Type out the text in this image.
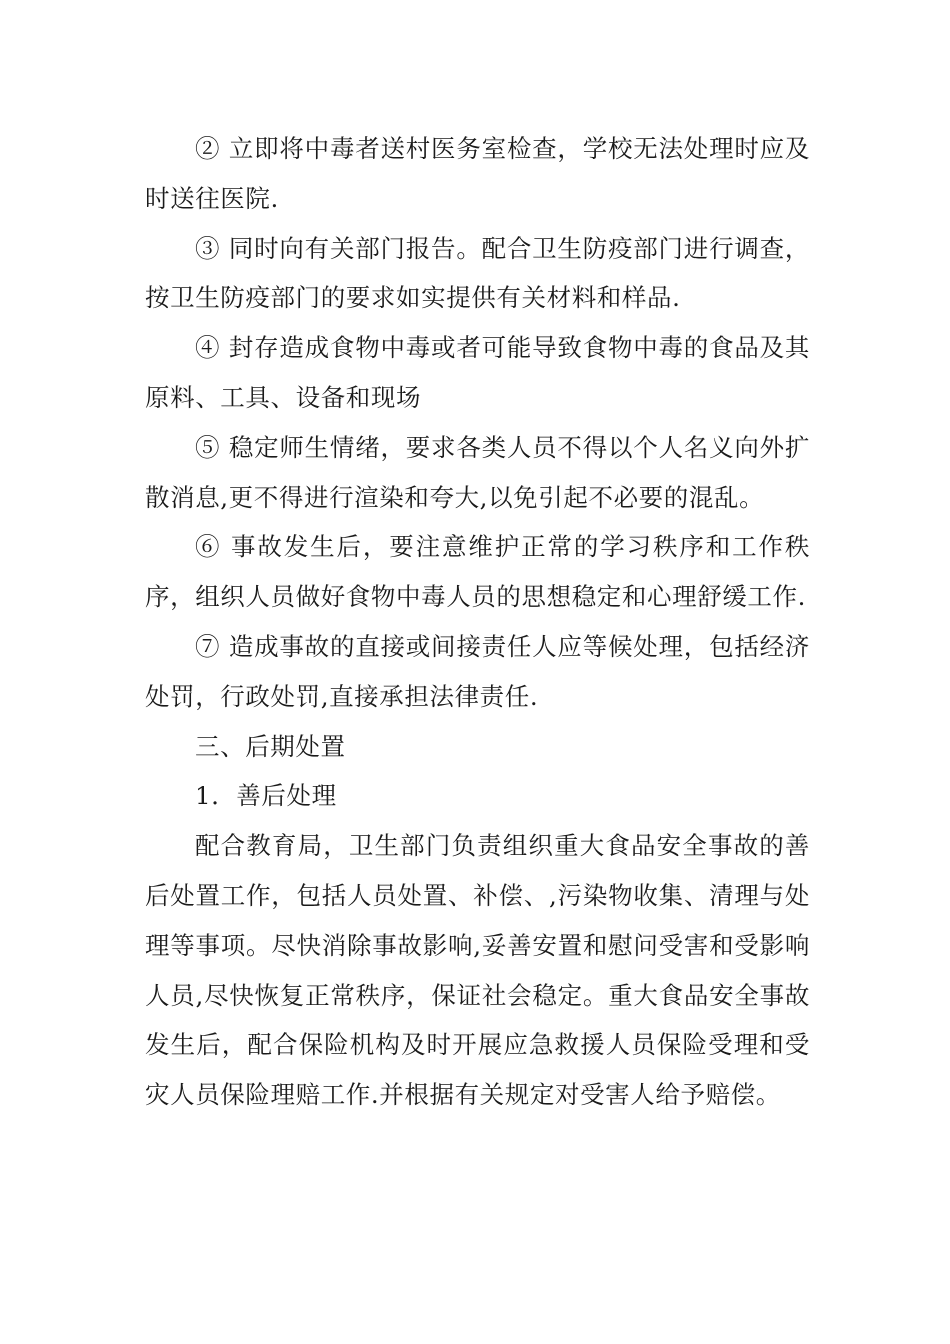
② 立即将中毒者送村医务室检查，学校无法处理时应及时送往医院.

③ 同时向有关部门报告。配合卫生防疫部门进行调查，按卫生防疫部门的要求如实提供有关材料和样品.

④ 封存造成食物中毒或者可能导致食物中毒的食品及其原料、工具、设备和现场

⑤ 稳定师生情绪，要求各类人员不得以个人名义向外扩散消息,更不得进行渲染和夸大,以免引起不必要的混乱。

⑥ 事故发生后，要注意维护正常的学习秩序和工作秩序，组织人员做好食物中毒人员的思想稳定和心理舒缓工作.

⑦ 造成事故的直接或间接责任人应等候处理，包括经济处罚，行政处罚,直接承担法律责任.

三、后期处置

1．善后处理

配合教育局，卫生部门负责组织重大食品安全事故的善后处置工作，包括人员处置、补偿、,污染物收集、清理与处理等事项。尽快消除事故影响,妥善安置和慰问受害和受影响人员,尽快恢复正常秩序，保证社会稳定。重大食品安全事故发生后，配合保险机构及时开展应急救援人员保险受理和受灾人员保险理赔工作.并根据有关规定对受害人给予赔偿。
